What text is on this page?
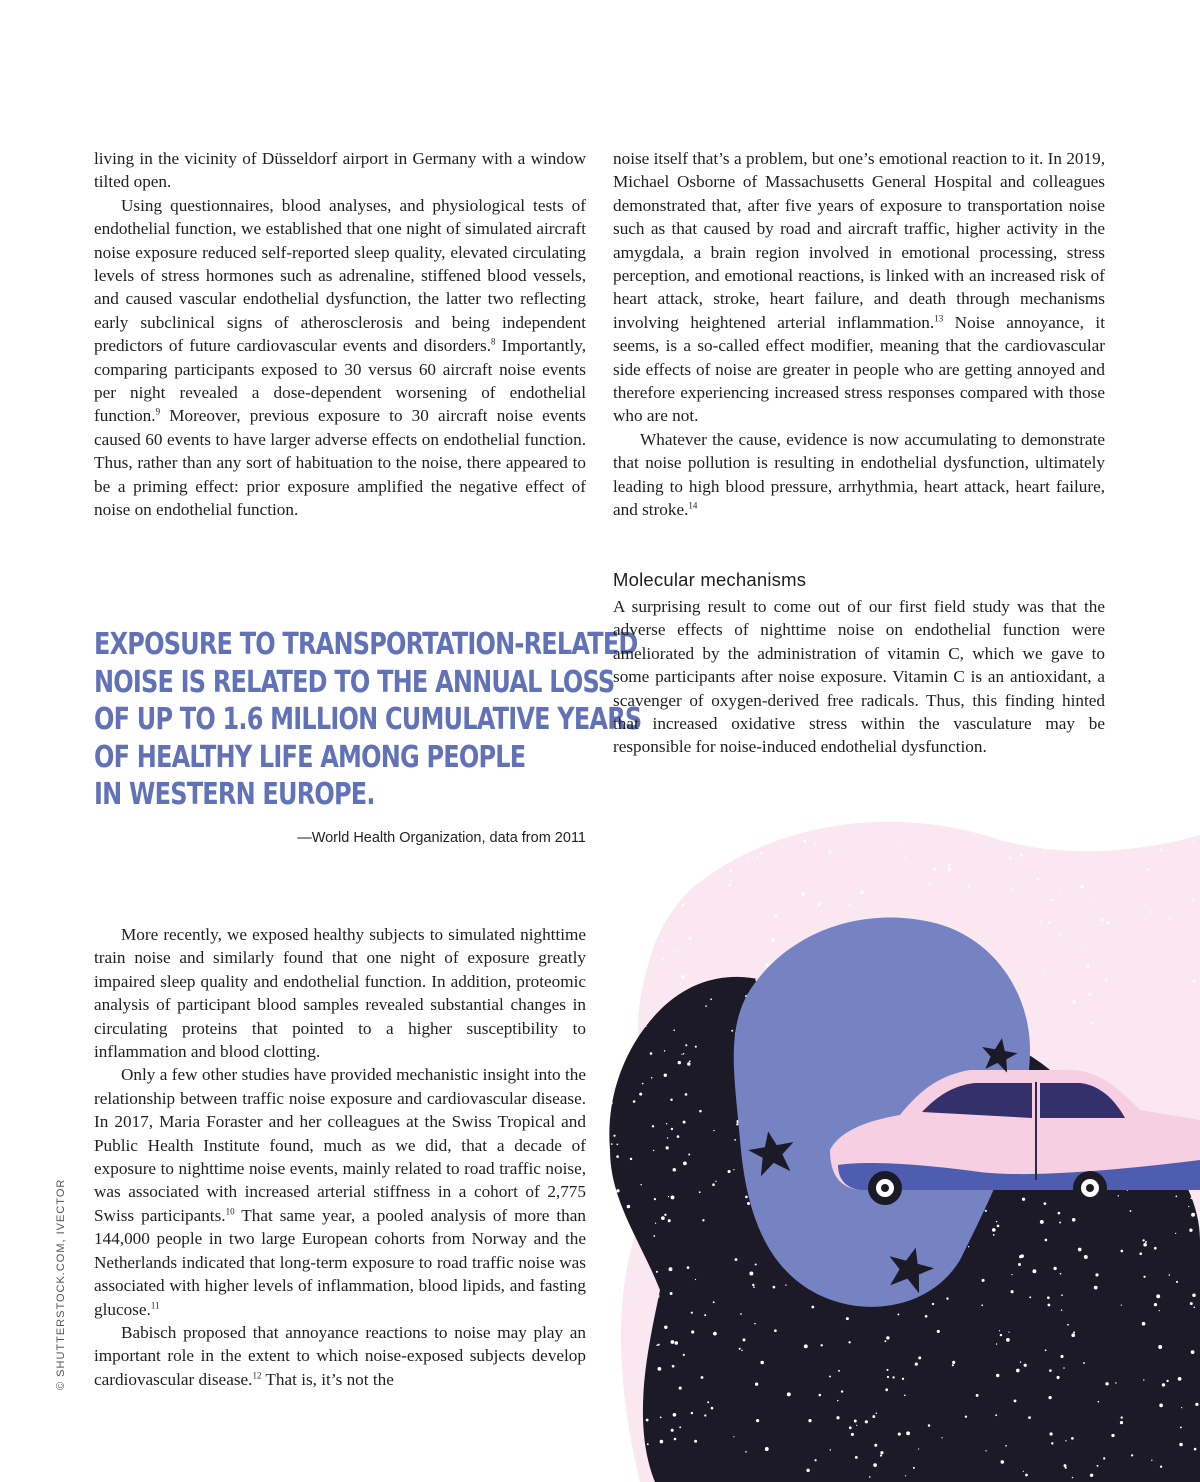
living in the vicinity of Düsseldorf airport in Germany with a window tilted open.

Using questionnaires, blood analyses, and physiological tests of endothelial function, we established that one night of simulated aircraft noise exposure reduced self-reported sleep quality, elevated circulating levels of stress hormones such as adrenaline, stiffened blood vessels, and caused vascular endothelial dysfunction, the latter two reflecting early subclinical signs of atherosclerosis and being independent predictors of future cardiovascular events and disorders.$^8$ Importantly, comparing participants exposed to 30 versus 60 aircraft noise events per night revealed a dose-dependent worsening of endothelial function.$^9$ Moreover, previous exposure to 30 aircraft noise events caused 60 events to have larger adverse effects on endothelial function. Thus, rather than any sort of habituation to the noise, there appeared to be a priming effect: prior exposure amplified the negative effect of noise on endothelial function.

EXPOSURE TO TRANSPORTATION-RELATED
NOISE IS RELATED TO THE ANNUAL LOSS
OF UP TO 1.6 MILLION CUMULATIVE YEARS
OF HEALTHY LIFE AMONG PEOPLE
IN WESTERN EUROPE.

—World Health Organization, data from 2011

More recently, we exposed healthy subjects to simulated nighttime train noise and similarly found that one night of exposure greatly impaired sleep quality and endothelial function. In addition, proteomic analysis of participant blood samples revealed substantial changes in circulating proteins that pointed to a higher susceptibility to inflammation and blood clotting.

Only a few other studies have provided mechanistic insight into the relationship between traffic noise exposure and cardiovascular disease. In 2017, Maria Foraster and her colleagues at the Swiss Tropical and Public Health Institute found, much as we did, that a decade of exposure to nighttime noise events, mainly related to road traffic noise, was associated with increased arterial stiffness in a cohort of 2,775 Swiss participants.$^{10}$ That same year, a pooled analysis of more than 144,000 people in two large European cohorts from Norway and the Netherlands indicated that long-term exposure to road traffic noise was associated with higher levels of inflammation, blood lipids, and fasting glucose.$^{11}$

Babisch proposed that annoyance reactions to noise may play an important role in the extent to which noise-exposed subjects develop cardiovascular disease.$^{12}$ That is, it’s not the

noise itself that’s a problem, but one’s emotional reaction to it. In 2019, Michael Osborne of Massachusetts General Hospital and colleagues demonstrated that, after five years of exposure to transportation noise such as that caused by road and aircraft traffic, higher activity in the amygdala, a brain region involved in emotional processing, stress perception, and emotional reactions, is linked with an increased risk of heart attack, stroke, heart failure, and death through mechanisms involving heightened arterial inflammation.$^{13}$ Noise annoyance, it seems, is a so-called effect modifier, meaning that the cardiovascular side effects of noise are greater in people who are getting annoyed and therefore experiencing increased stress responses compared with those who are not.

Whatever the cause, evidence is now accumulating to demonstrate that noise pollution is resulting in endothelial dysfunction, ultimately leading to high blood pressure, arrhythmia, heart attack, heart failure, and stroke.$^{14}$

Molecular mechanisms

A surprising result to come out of our first field study was that the adverse effects of nighttime noise on endothelial function were ameliorated by the administration of vitamin C, which we gave to some participants after noise exposure. Vitamin C is an antioxidant, a scavenger of oxygen-derived free radicals. Thus, this finding hinted that increased oxidative stress within the vasculature may be responsible for noise-induced endothelial dysfunction.

© SHUTTERSTOCK.COM, IVECTOR
